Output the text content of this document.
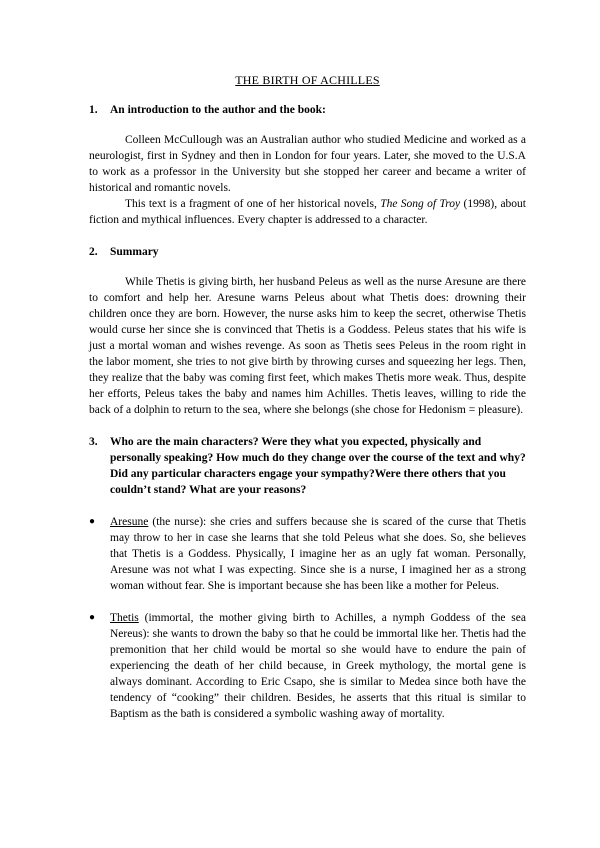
THE BIRTH OF ACHILLES
1.	An introduction to the author and the book:

Colleen McCullough was an Australian author who studied Medicine and worked as a neurologist, first in Sydney and then in London for four years. Later, she moved to the U.S.A to work as a professor in the University but she stopped her career and became a writer of historical and romantic novels.

This text is a fragment of one of her historical novels, The Song of Troy (1998), about fiction and mythical influences. Every chapter is addressed to a character.

2.	Summary

While Thetis is giving birth, her husband Peleus as well as the nurse Aresune are there to comfort and help her. Aresune warns Peleus about what Thetis does: drowning their children once they are born. However, the nurse asks him to keep the secret, otherwise Thetis would curse her since she is convinced that Thetis is a Goddess. Peleus states that his wife is just a mortal woman and wishes revenge. As soon as Thetis sees Peleus in the room right in the labor moment, she tries to not give birth by throwing curses and squeezing her legs. Then, they realize that the baby was coming first feet, which makes Thetis more weak. Thus, despite her efforts, Peleus takes the baby and names him Achilles. Thetis leaves, willing to ride the back of a dolphin to return to the sea, where she belongs (she chose for Hedonism = pleasure).

3.	Who are the main characters? Were they what you expected, physically and personally speaking? How much do they change over the course of the text and why? Did any particular characters engage your sympathy?Were there others that you couldn’t stand? What are your reasons?
●	Aresune (the nurse): she cries and suffers because she is scared of the curse that Thetis may throw to her in case she learns that she told Peleus what she does. So, she believes that Thetis is a Goddess. Physically, I imagine her as an ugly fat woman. Personally, Aresune was not what I was expecting. Since she is a nurse, I imagined her as a strong woman without fear. She is important because she has been like a mother for Peleus.
●	Thetis (immortal, the mother giving birth to Achilles, a nymph Goddess of the sea Nereus): she wants to drown the baby so that he could be immortal like her. Thetis had the premonition that her child would be mortal so she would have to endure the pain of experiencing the death of her child because, in Greek mythology, the mortal gene is always dominant. According to Eric Csapo, she is similar to Medea since both have the tendency of “cooking” their children. Besides, he asserts that this ritual is similar to Baptism as the bath is considered a symbolic washing away of mortality.
